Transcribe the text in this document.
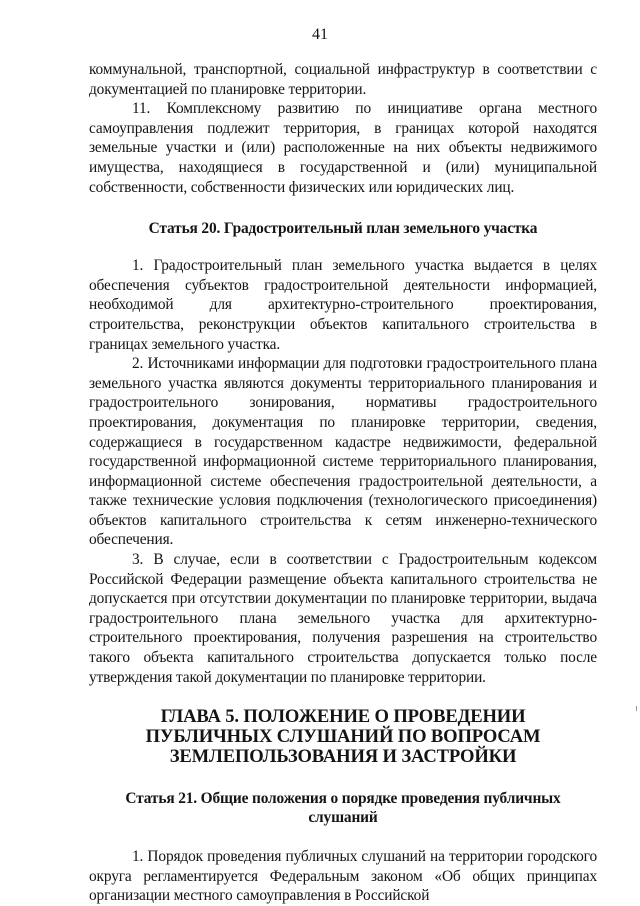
41

коммунальной, транспортной, социальной инфраструктур в соответствии с документацией по планировке территории.

11. Комплексному развитию по инициативе органа местного самоуправления подлежит территория, в границах которой находятся земельные участки и (или) расположенные на них объекты недвижимого имущества, находящиеся в государственной и (или) муниципальной собственности, собственности физических или юридических лиц.

Статья 20. Градостроительный план земельного участка

1. Градостроительный план земельного участка выдается в целях обеспечения субъектов градостроительной деятельности информацией, необходимой для архитектурно-строительного проектирования, строительства, реконструкции объектов капитального строительства в границах земельного участка.

2. Источниками информации для подготовки градостроительного плана земельного участка являются документы территориального планирования и градостроительного зонирования, нормативы градостроительного проектирования, документация по планировке территории, сведения, содержащиеся в государственном кадастре недвижимости, федеральной государственной информационной системе территориального планирования, информационной системе обеспечения градостроительной деятельности, а также технические условия подключения (технологического присоединения) объектов капитального строительства к сетям инженерно-технического обеспечения.

3. В случае, если в соответствии с Градостроительным кодексом Российской Федерации размещение объекта капитального строительства не допускается при отсутствии документации по планировке территории, выдача градостроительного плана земельного участка для архитектурно-строительного проектирования, получения разрешения на строительство такого объекта капитального строительства допускается только после утверждения такой документации по планировке территории.

ГЛАВА 5. ПОЛОЖЕНИЕ О ПРОВЕДЕНИИ ПУБЛИЧНЫХ СЛУШАНИЙ ПО ВОПРОСАМ ЗЕМЛЕПОЛЬЗОВАНИЯ И ЗАСТРОЙКИ
Статья 21. Общие положения о порядке проведения публичных слушаний

1. Порядок проведения публичных слушаний на территории городского округа регламентируется Федеральным законом «Об общих принципах организации местного самоуправления в Российской
